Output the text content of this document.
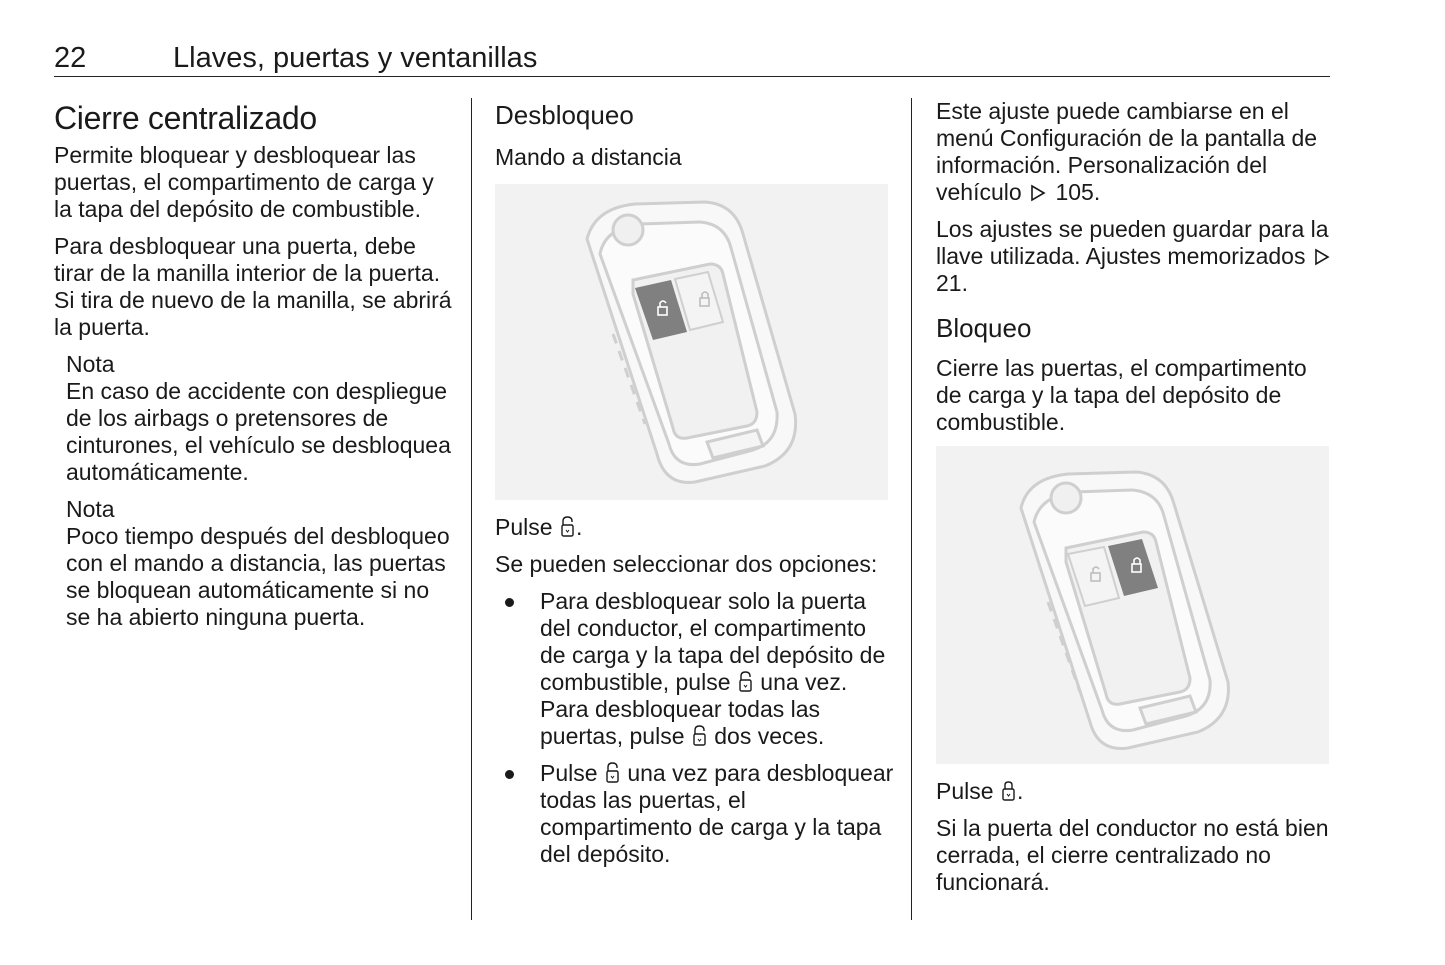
22	Llaves, puertas y ventanillas
Cierre centralizado

Permite bloquear y desbloquear las puertas, el compartimento de carga y la tapa del depósito de combustible.

Para desbloquear una puerta, debe tirar de la manilla interior de la puerta. Si tira de nuevo de la manilla, se abrirá la puerta.

Nota
En caso de accidente con despliegue de los airbags o pretensores de cinturones, el vehículo se desbloquea automáticamente.

Nota
Poco tiempo después del desbloqueo con el mando a distancia, las puertas se bloquean automáticamente si no se ha abierto ninguna puerta.

Desbloqueo
Mando a distancia

Pulse .

Se pueden seleccionar dos opciones:

Para desbloquear solo la puerta del conductor, el compartimento de carga y la tapa del depósito de combustible, pulse una vez. Para desbloquear todas las puertas, pulse dos veces.
Pulse una vez para desbloquear todas las puertas, el compartimento de carga y la tapa del depósito.

Este ajuste puede cambiarse en el menú Configuración de la pantalla de información. Personalización del vehículo 105.

Los ajustes se pueden guardar para la llave utilizada. Ajustes memorizados  21.

Bloqueo

Cierre las puertas, el compartimento de carga y la tapa del depósito de combustible.

Pulse .

Si la puerta del conductor no está bien cerrada, el cierre centralizado no funcionará.
